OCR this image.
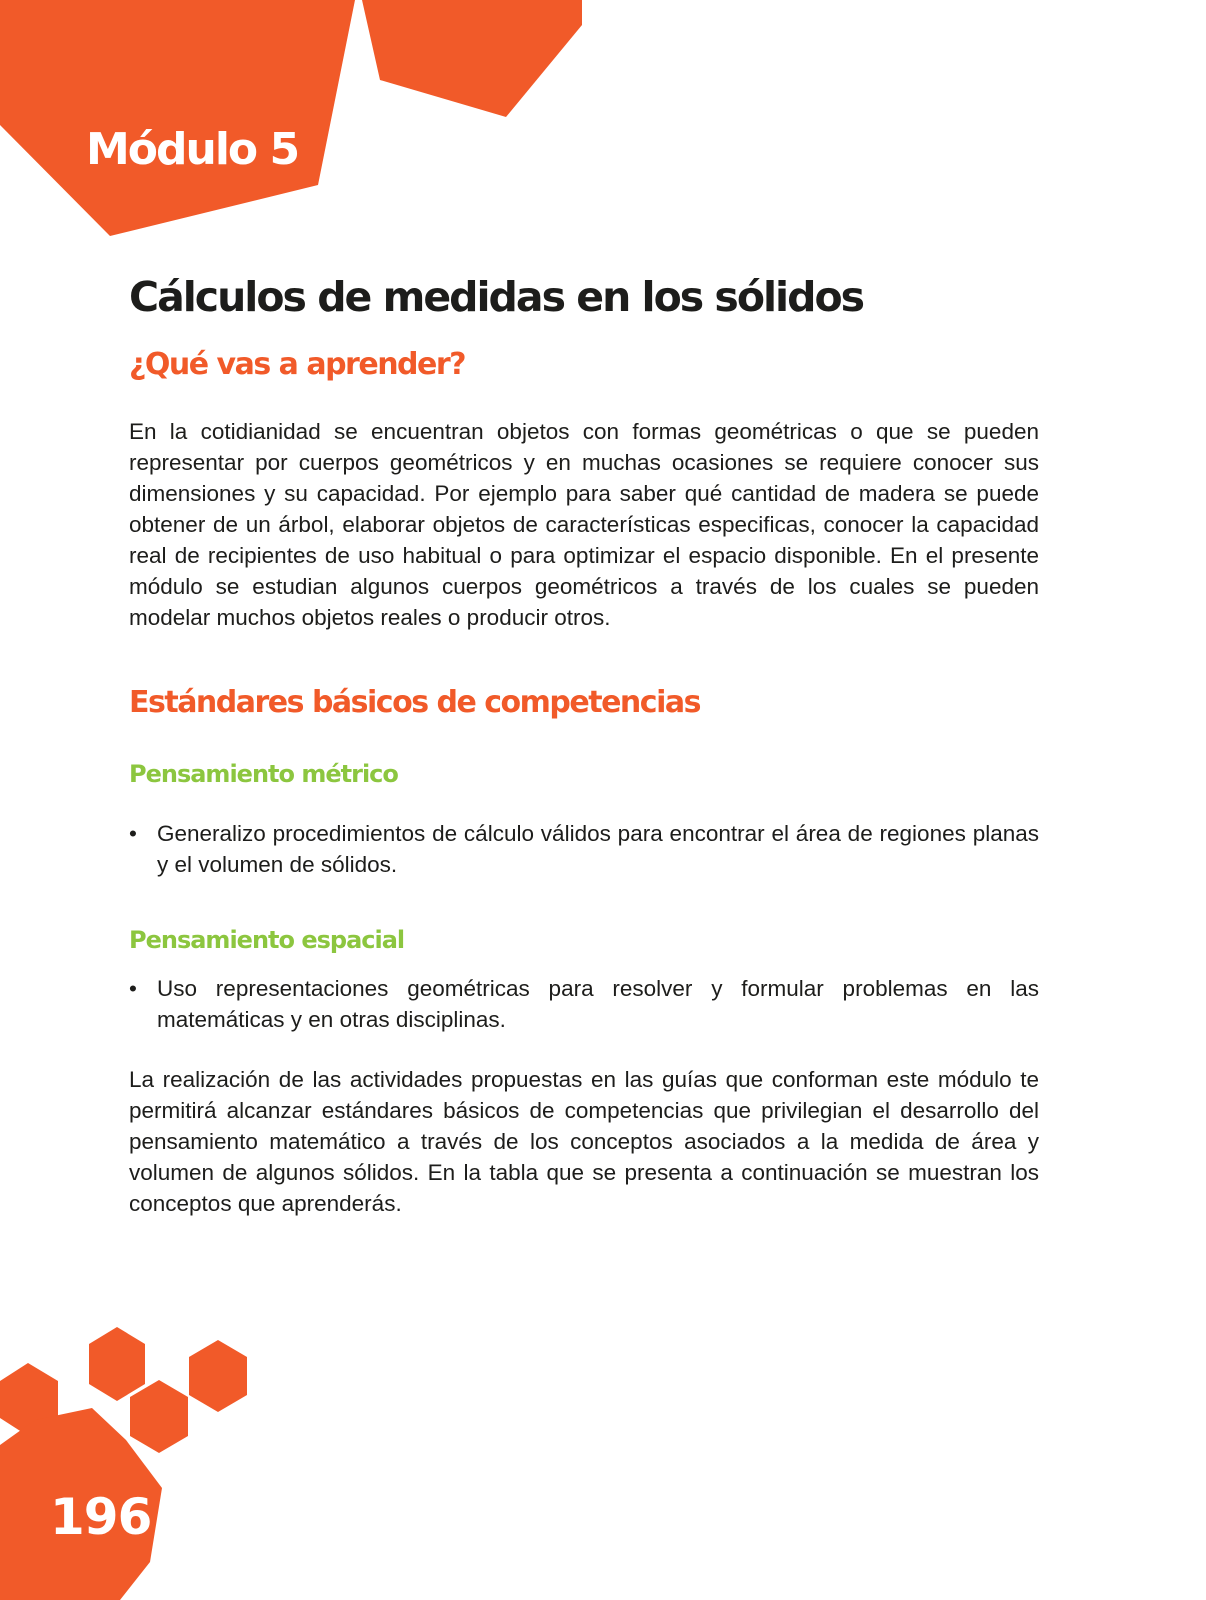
Módulo 5
196
Cálculos de medidas en los sólidos
¿Qué vas a aprender?

En la cotidianidad se encuentran objetos con formas geométricas o que se pueden representar por cuerpos geométricos y en muchas ocasiones se requiere conocer sus dimensiones y su capacidad. Por ejemplo para saber qué cantidad de madera se puede obtener de un árbol, elaborar objetos de características especificas, conocer la capacidad real de recipientes de uso habitual o para optimizar el espacio disponible. En el presente módulo se estudian algunos cuerpos geométricos a través de los cuales se pueden modelar muchos objetos reales o producir otros.

Estándares básicos de competencias
Pensamiento métrico
• Generalizo procedimientos de cálculo válidos para encontrar el área de regiones planas y el volumen de sólidos.
Pensamiento espacial
• Uso representaciones geométricas para resolver y formular problemas en las matemáticas y en otras disciplinas.

La realización de las actividades propuestas en las guías que conforman este módulo te permitirá alcanzar estándares básicos de competencias que privilegian el desarrollo del pensamiento matemático a través de los conceptos asociados a la medida de área y volumen de algunos sólidos. En la tabla que se presenta a continuación se muestran los conceptos que aprenderás.
